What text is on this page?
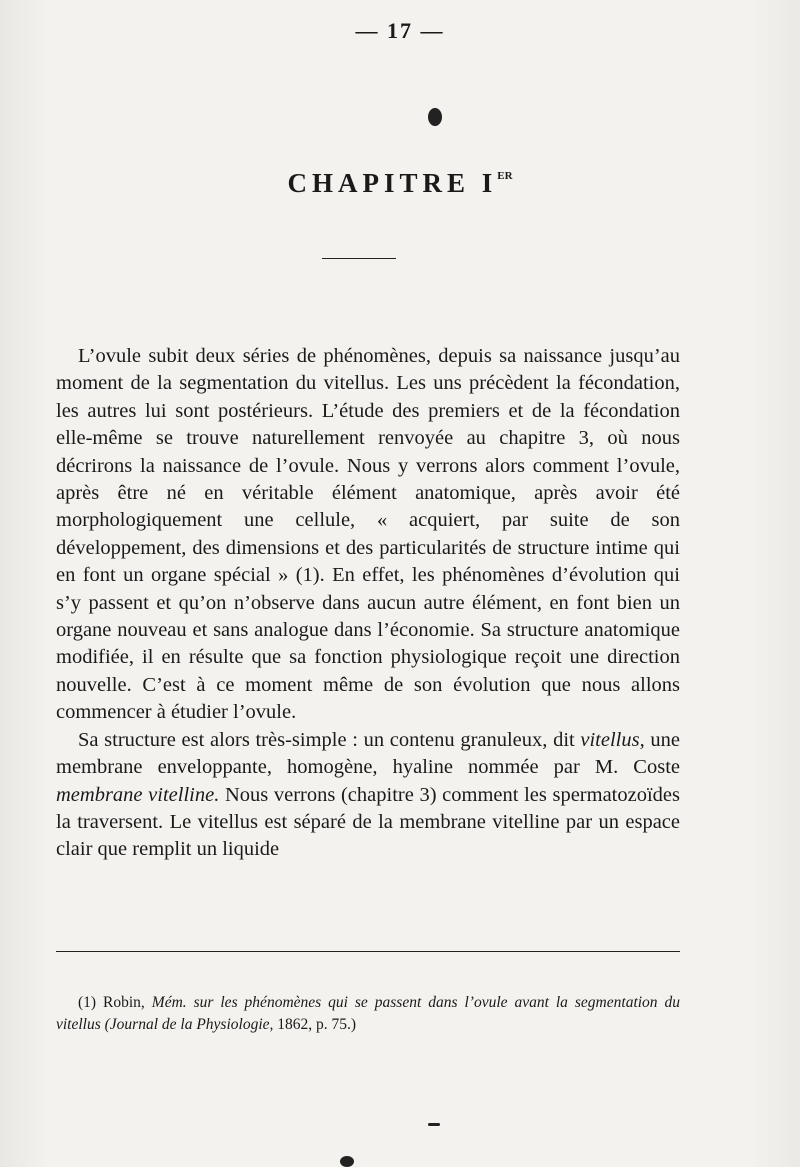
— 17 —
CHAPITRE IER

L’ovule subit deux séries de phénomènes, depuis sa naissance jusqu’au moment de la segmentation du vitellus. Les uns précèdent la fécondation, les autres lui sont postérieurs. L’étude des premiers et de la fécondation elle-même se trouve naturellement renvoyée au chapitre 3, où nous décrirons la naissance de l’ovule. Nous y verrons alors comment l’ovule, après être né en véritable élément anatomique, après avoir été morphologiquement une cellule, « acquiert, par suite de son développement, des dimensions et des particularités de structure intime qui en font un organe spécial » (1). En effet, les phénomènes d’évolution qui s’y passent et qu’on n’observe dans aucun autre élément, en font bien un organe nouveau et sans analogue dans l’économie. Sa structure anatomique modifiée, il en résulte que sa fonction physiologique reçoit une direction nouvelle. C’est à ce moment même de son évolution que nous allons commencer à étudier l’ovule.

Sa structure est alors très-simple : un contenu granuleux, dit vitellus, une membrane enveloppante, homogène, hyaline nommée par M. Coste membrane vitelline. Nous verrons (chapitre 3) comment les spermatozoïdes la traversent. Le vitellus est séparé de la membrane vitelline par un espace clair que remplit un liquide

(1) Robin, Mém. sur les phénomènes qui se passent dans l’ovule avant la segmentation du vitellus (Journal de la Physiologie, 1862, p. 75.)
